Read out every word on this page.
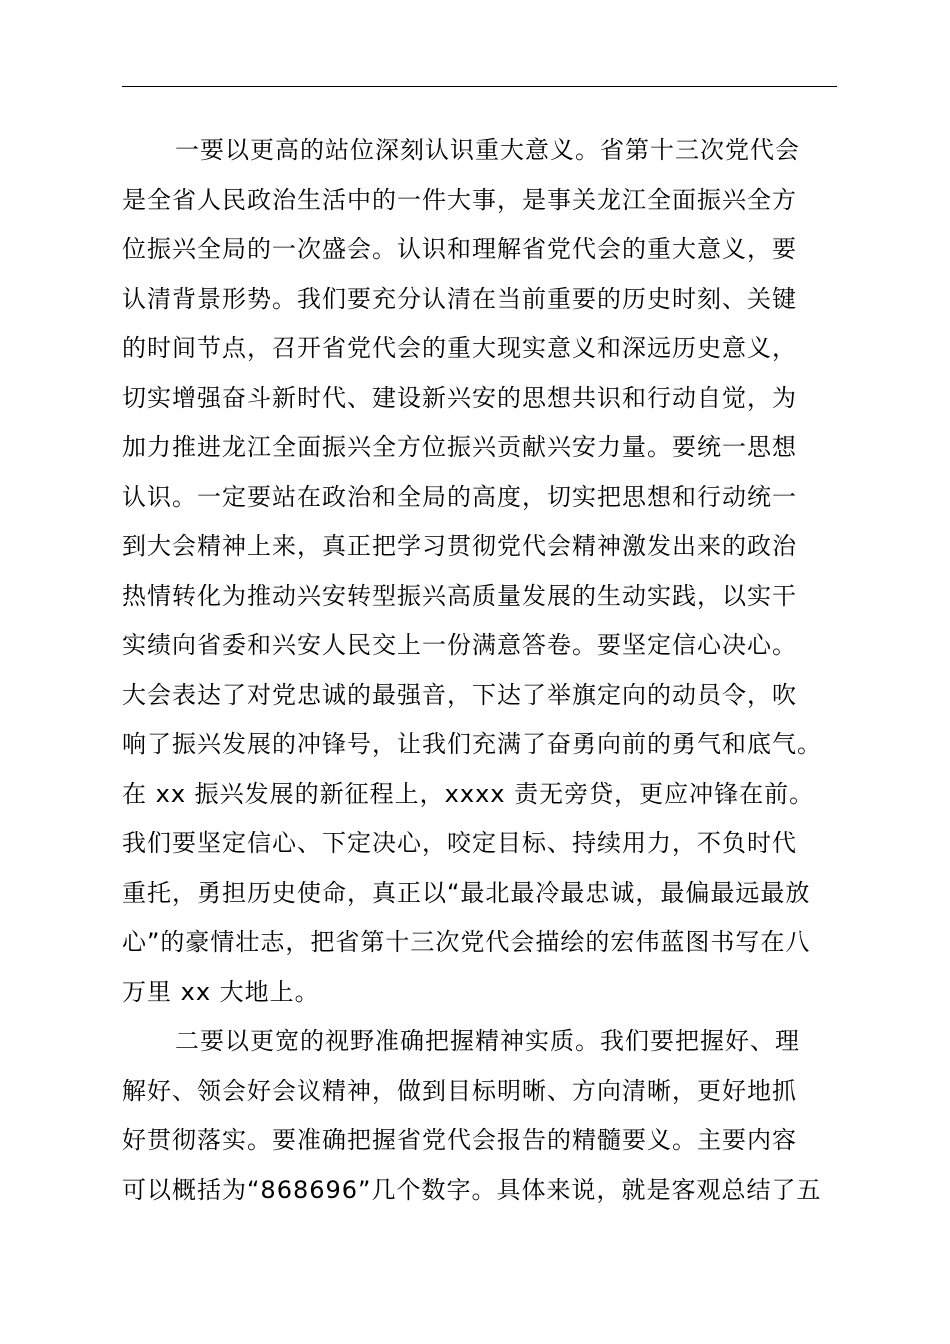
一要以更高的站位深刻认识重大意义。省第十三次党代会
是全省人民政治生活中的一件大事，是事关龙江全面振兴全方
位振兴全局的一次盛会。认识和理解省党代会的重大意义，要
认清背景形势。我们要充分认清在当前重要的历史时刻、关键
的时间节点，召开省党代会的重大现实意义和深远历史意义，
切实增强奋斗新时代、建设新兴安的思想共识和行动自觉，为
加力推进龙江全面振兴全方位振兴贡献兴安力量。要统一思想
认识。一定要站在政治和全局的高度，切实把思想和行动统一
到大会精神上来，真正把学习贯彻党代会精神激发出来的政治
热情转化为推动兴安转型振兴高质量发展的生动实践，以实干
实绩向省委和兴安人民交上一份满意答卷。要坚定信心决心。
大会表达了对党忠诚的最强音，下达了举旗定向的动员令，吹
响了振兴发展的冲锋号，让我们充满了奋勇向前的勇气和底气。
在 xx 振兴发展的新征程上，xxxx 责无旁贷，更应冲锋在前。
我们要坚定信心、下定决心，咬定目标、持续用力，不负时代
重托，勇担历史使命，真正以“最北最冷最忠诚，最偏最远最放
心”的豪情壮志，把省第十三次党代会描绘的宏伟蓝图书写在八
万里 xx 大地上。
二要以更宽的视野准确把握精神实质。我们要把握好、理
解好、领会好会议精神，做到目标明晰、方向清晰，更好地抓
好贯彻落实。要准确把握省党代会报告的精髓要义。主要内容
可以概括为“868696”几个数字。具体来说，就是客观总结了五
